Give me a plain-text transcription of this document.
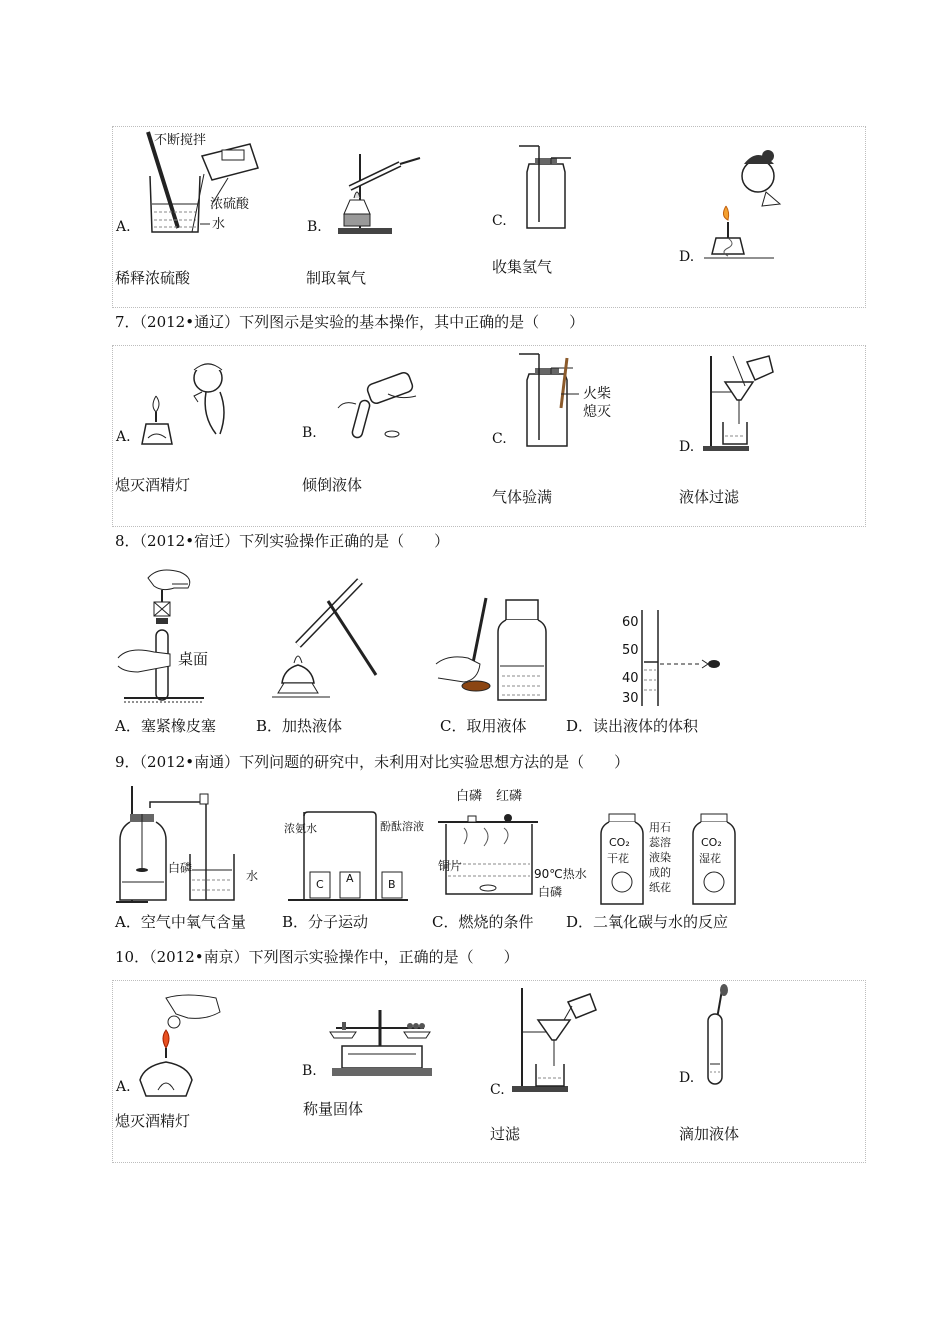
不断搅拌
浓硫酸
水
A.	B.	C.
D.
稀释浓硫酸	制取氧气
收集氢气
7．（2012•通辽）下列图示是实验的基本操作，其中正确的是（　　）
火柴
熄灭
A.	B.	C.	D.
熄灭酒精灯	倾倒液体
气体验满	液体过滤
8．（2012•宿迁）下列实验操作正确的是（　　）
桌面
60
50
40
30
A．塞紧橡皮塞	B．加热液体	C．取用液体	D．读出液体的体积
9．（2012•南通）下列问题的研究中，未利用对比实验思想方法的是（　　）
白磷
水
C A	B
浓氨水	酚酞溶液
白磷 红磷
铜片
90℃热水
白磷
CO₂
干花
CO₂
湿花
用石蕊溶液染成的纸花
A．空气中氧气含量 B．分子运动	C．燃烧的条件 D．二氧化碳与水的反应
10．（2012•南京）下列图示实验操作中，正确的是（　　）
A.
B.
C.
D.
熄灭酒精灯
称量固体
过滤	滴加液体
